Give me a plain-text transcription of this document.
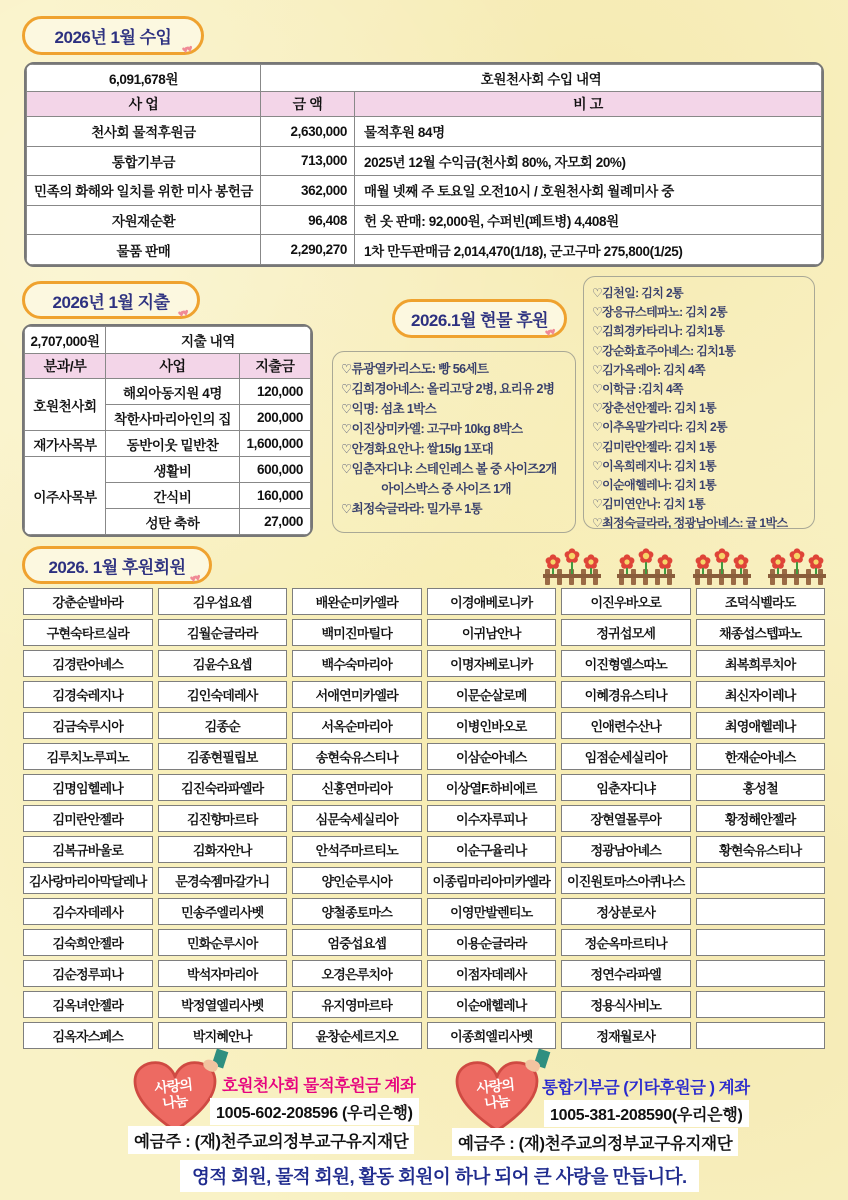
2026년 1월 수입
♥♥
6,091,678원	호원천사회 수입 내역	
사 업	금 액	비 고
천사회 물적후원금	2,630,000	물적후원 84명
통합기부금	713,000	2025년 12월 수익금(천사회 80%, 자모회 20%)
민족의 화해와 일치를 위한 미사 봉헌금	362,000	매월 넷째 주 토요일 오전10시 / 호원천사회 월례미사 중
자원재순환	96,408	헌 옷 판매: 92,000원, 수퍼빈(페트병) 4,408원
물품 판매	2,290,270	1차 만두판매금 2,014,470(1/18), 군고구마 275,800(1/25)
2026년 1월 지출
♥♥
2,707,000원	지출 내역	
분과/부	사업	지출금
호원천사회	해외아동지원 4명	120,000
	착한사마리아인의 집	200,000
재가사목부	동반이웃 밑반찬	1,600,000
이주사목부	생활비	600,000
	간식비	160,000
	성탄 축하	27,000
2026.1월 현물 후원
♥♥
♡류광열카리스도: 빵 56세트
♡김희경아네스: 올리고당 2병, 요리유 2병
♡익명: 섬초 1박스
♡이진상미카엘: 고구마 10kg 8박스
♡안경화요안나: 쌀15lg 1포대
♡임춘자디냐: 스테인레스 볼 중 사이즈2개
아이스박스 중 사이즈 1개
♡최정숙글라라: 밀가루 1통
♡김천일: 김치 2통
♡장응규스테파노: 김치 2통
♡김희경카타리나: 김치1통
♡강순화효주아녜스: 김치1통
♡김가옥레아: 김치 4쪽
♡이학금 :김치 4쪽
♡장춘선안젤라: 김치 1통
♡이추옥말가리다: 김치 2통
♡김미란안젤라: 김치 1통
♡이옥희레지나: 김치 1통
♡이순애헬레나: 김치 1통
♡김미연안나: 김치 1통
♡최정숙글라라, 정광남아녜스: 귤 1박스
2026. 1월 후원회원
♥♥
강춘순발바라	김우섭요셉	배완순미카엘라	이경애베로니카	이진우바오로	조덕식벨라도
구현숙타르실라	김월순글라라	백미진마틸다	이귀남안나	정귀섭모세	채종섭스텝파노
김경란아녜스	김윤수요셉	백수숙마리아	이명자베로니카	이진형엘스따노	최복희루치아
김경숙레지나	김인숙데레사	서애연미카엘라	이문순살로메	이혜경유스티나	최신자이레나
김금숙루시아	김종순	서옥순마리아	이병인바오로	인애련수산나	최영애헬레나
김루치노루피노	김종현필립보	송현숙유스티나	이삼순아네스	임점순세실리아	한재순아네스
김명임헬레나	김진숙라파엘라	신홍연마리아	이상열F.하비에르	임춘자디냐	홍성철
김미란안젤라	김진향마르타	심문숙세실리아	이수자루피나	장현열몰루아	황정해안젤라
김복규바울로	김화자안나	안석주마르티노	이순구율리나	정광남아녜스	황현숙유스티나
김사랑마리아막달레나	문경숙젬마갈가니	양인순루시아	이종림마리아미카엘라	이진원토마스아퀴나스	
김수자데레사	민송주엘리사벳	양철종토마스	이영만발렌티노	정상분로사	
김숙희안젤라	민화순루시아	엄중섭요셉	이용순글라라	정순옥마르티나	
김순정루피나	박석자마리아	오경은루치아	이점자데레사	정연수라파엘	
김옥녀안젤라	박정열엘리사벳	유지영마르타	이순애헬레나	정용식사비노	
김옥자스페스	박지혜안나	윤창순세르지오	이종희엘리사벳	정재월로사	
사랑의
나눔
호원천사회 물적후원금 계좌
1005-602-208596 (우리은행)
예금주 : (재)천주교의정부교구유지재단
사랑의
나눔
통합기부금 (기타후원금 ) 계좌
1005-381-208590(우리은행)
예금주 : (재)천주교의정부교구유지재단
영적 회원, 물적 회원, 활동 회원이 하나 되어 큰 사랑을 만듭니다.
